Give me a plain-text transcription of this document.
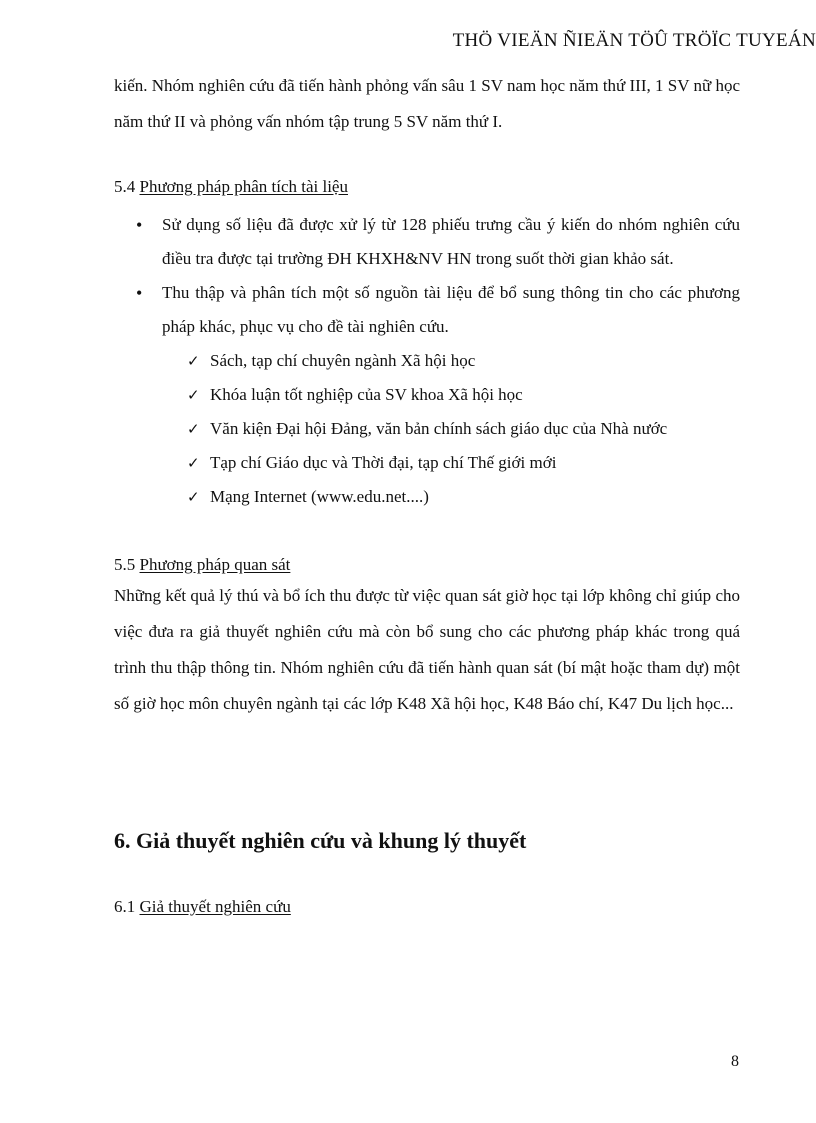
THÖ VIEÄN ÑIEÄN TÖÛ TRÖÏC TUYEÁN

kiến. Nhóm nghiên cứu đã tiến hành phỏng vấn sâu 1 SV nam học năm thứ III, 1 SV nữ học năm thứ II và phỏng vấn nhóm tập trung 5 SV năm thứ I.

5.4 Phương pháp phân tích tài liệu
• Sử dụng số liệu đã được xử lý từ 128 phiếu trưng cầu ý kiến do nhóm nghiên cứu điều tra được tại trường ĐH KHXH&NV HN trong suốt thời gian khảo sát.
• Thu thập và phân tích một số nguồn tài liệu để bổ sung thông tin cho các phương pháp khác, phục vụ cho đề tài nghiên cứu.
✓ Sách, tạp chí chuyên ngành Xã hội học
✓ Khóa luận tốt nghiệp của SV khoa Xã hội học
✓ Văn kiện Đại hội Đảng, văn bản chính sách giáo dục của Nhà nước
✓ Tạp chí Giáo dục và Thời đại, tạp chí Thế giới mới
✓ Mạng Internet (www.edu.net....)
5.5 Phương pháp quan sát

Những kết quả lý thú và bổ ích thu được từ việc quan sát giờ học tại lớp không chỉ giúp cho việc đưa ra giả thuyết nghiên cứu mà còn bổ sung cho các phương pháp khác trong quá trình thu thập thông tin. Nhóm nghiên cứu đã tiến hành quan sát (bí mật hoặc tham dự) một số giờ học môn chuyên ngành tại các lớp K48 Xã hội học, K48 Báo chí, K47 Du lịch học...

6. Giả thuyết nghiên cứu và khung lý thuyết
6.1 Giả thuyết nghiên cứu
8
